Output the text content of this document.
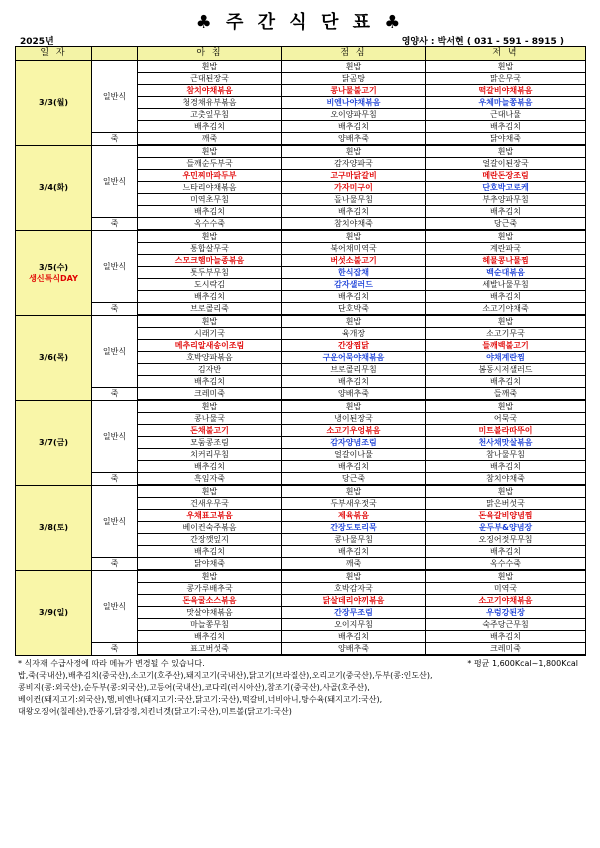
♣ 주 간 식 단 표 ♣
2025년	영양사 : 박서현 ( 031 - 591 - 8915 )
일 자		아 침	점 심	저 녁

3/3(월)	일반식	흰밥	흰밥	흰밥
		근대된장국	닭곰탕	맑은무국
		참치야채볶음	콩나물불고기	떡갈비야채볶음
		청경채유부볶음	비엔나야채볶음	우체마늘쫑볶음
		고춧잎무침	오이양파무침	근대나물
		배추김치	배추김치	배추김치
	죽	깨죽	양배추죽	닭야채죽

3/4(화)	일반식	흰밥	흰밥	흰밥
		들깨순두부국	감자양파국	얼갈이된장국
		우민찌마파두부	고구마닭갈비	메란돈장조림
		느타리야채볶음	가자미구이	단호박고로케
		미역초무침	돌나물무침	부추양파무침
		배추김치	배추김치	배추김치
	죽	옥수수죽	참치야채죽	당근죽

3/5(수)
생신특식DAY	일반식	흰밥	흰밥	흰밥
		통합살무국	북어채미역국	계란파국
		스모크햄마늘종볶음	버섯소불고기	헤물콩나물찜
		톳두부무침	한식잡채	백순대볶음
		도시락김	감자샐러드	세발나물무침
		배추김치	배추김치	배추김치
	죽	브로콜리죽	단호박죽	소고기야채죽

3/6(목)	일반식	흰밥	흰밥	흰밥
		시래기국	육개장	소고기무국
		메추리알새송이조림	간장찜닭	들깨백불고기
		호박양파볶음	구운어묵야채볶음	야채계란찜
		김자반	브로콜리무침	봄동시저샐러드
		배추김치	배추김치	배추김치
	죽	크레미죽	양배추죽	들깨죽

3/7(금)	일반식	흰밥	흰밥	흰밥
		콩나물국	냉이된장국	어묵국
		돈채불고기	소고기우엉볶음	미트볼라따뚜이
		모둠콩조림	감자양념조림	천사채맛살볶음
		치커리무침	얼갈이나물	참나물무침
		배추김치	배추김치	배추김치
	죽	흑임자죽	당근죽	참치야채죽

3/8(토)	일반식	흰밥	흰밥	흰밥
		건새우무국	두부새우젓국	맑은버섯국
		우채표고볶음	제육볶음	돈육갈비양념찜
		베이컨숙주볶음	간장도토리묵	운두부&양념장
		간장깻잎지	콩나물무침	오징어젓무무침
		배추김치	배추김치	배추김치
	죽	닭야채죽	깨죽	옥수수죽

3/9(일)	일반식	흰밥	흰밥	흰밥
		콩가루배추국	호박감자국	미역국
		돈육굴소스볶음	닭살데리야끼볶음	소고기야채볶음
		맛살야채볶음	간장무조림	우렁강된장
		마늘쫑무침	오이지무침	숙주당근무침
		배추김치	배추김치	배추김치
	죽	표고버섯죽	양배추죽	크레미죽
* 식자재 수급사정에 따라 메뉴가 변경될 수 있습니다.	* 평균 1,600Kcal~1,800Kcal
밥,죽(국내산),배추김치(중국산),소고기(호주산),돼지고기(국내산),닭고기(브라질산),오리고기(중국산),두부(콩:인도산),
콩비지(콩:외국산),순두부(콩:외국산),고등어(국내산),코다리(러시아산),참조기(중국산),사골(호주산),
베이컨(돼지고기:외국산),햄,비엔나(돼지고기:국산,닭고기:국산),떡갈비,너비아니,탕수육(돼지고기:국산),
대왕오징어(칠레산),깐풍기,닭강정,치킨너겟(닭고기:국산),미트볼(닭고기:국산)
